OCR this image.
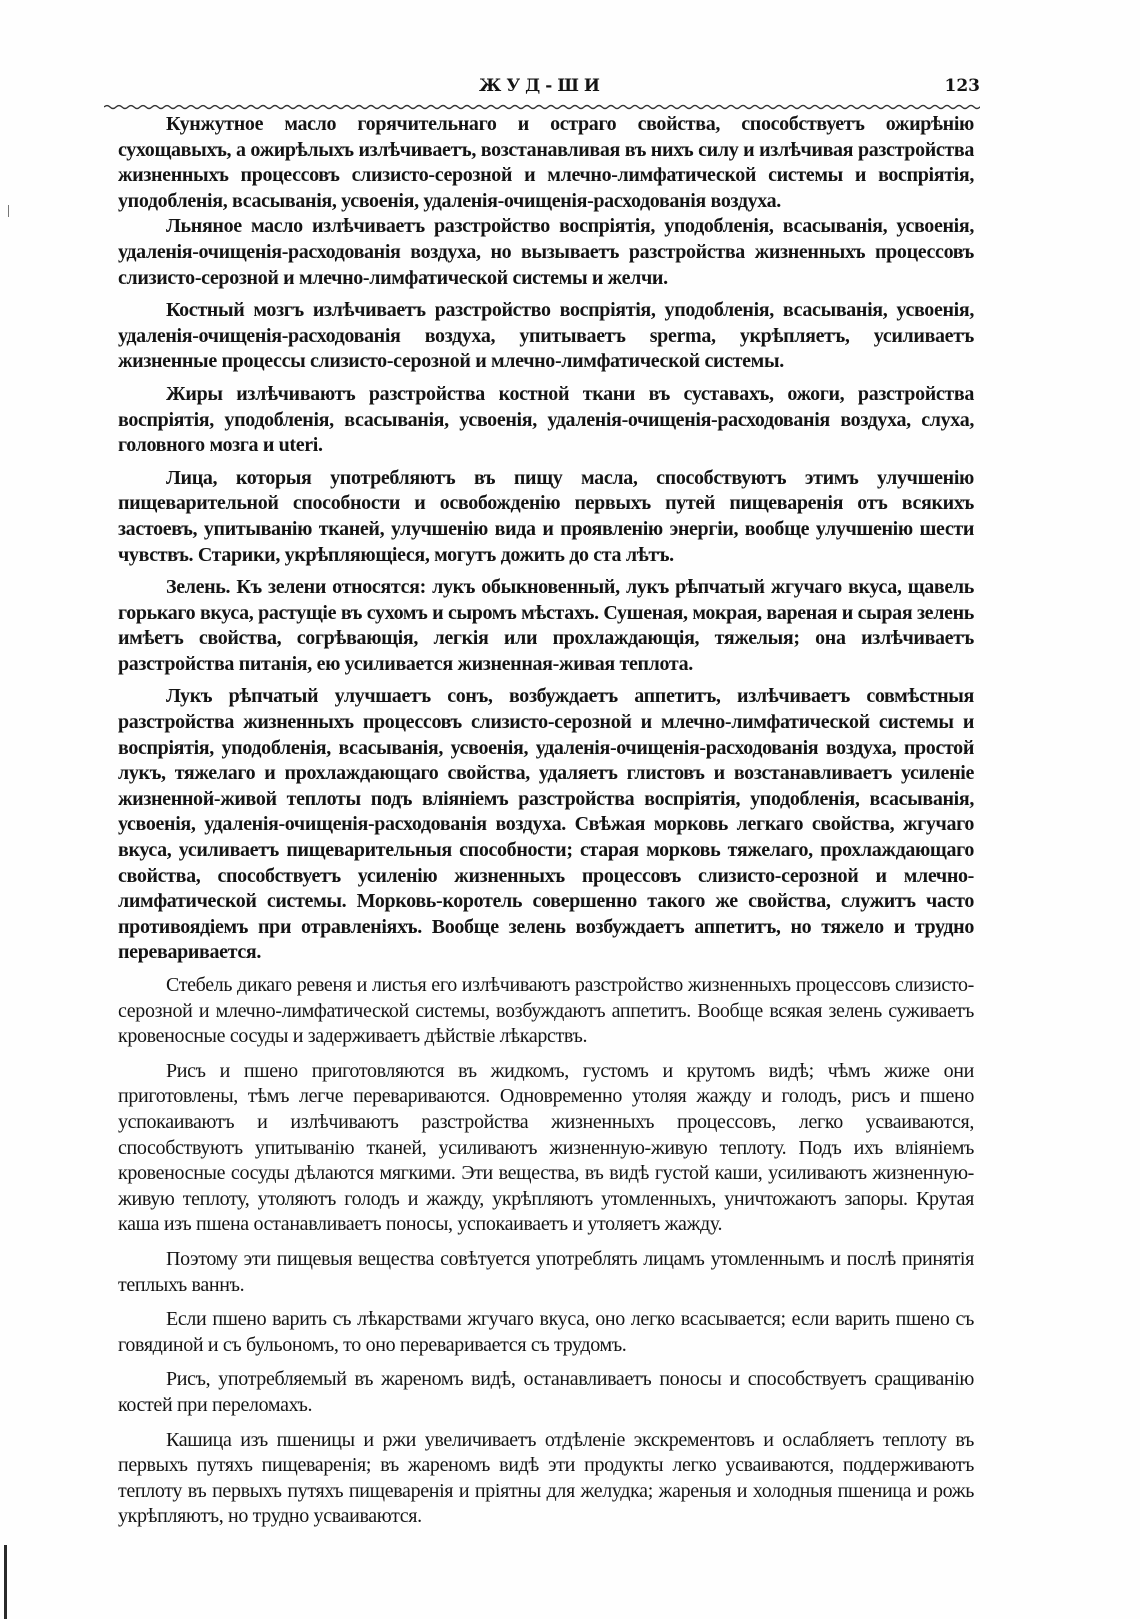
ЖУД-ШИ	123

Кунжутное масло горячительнаго и остраго свойства, способствуетъ ожирѣнію сухощавыхъ, а ожирѣлыхъ излѣчиваетъ, возстанавливая въ нихъ силу и излѣчивая разстройства жизненныхъ процессовъ слизисто-серозной и млечно-лимфатической системы и воспріятія, уподобленія, всасыванія, усвоенія, удаленія-очищенія-расходованія воздуха.

Льняное масло излѣчиваетъ разстройство воспріятія, уподобленія, всасыванія, усвоенія, удаленія-очищенія-расходованія воздуха, но вызываетъ разстройства жизненныхъ процессовъ слизисто-серозной и млечно-лимфатической системы и желчи.

Костный мозгъ излѣчиваетъ разстройство воспріятія, уподобленія, всасыванія, усвоенія, удаленія-очищенія-расходованія воздуха, упитываетъ sperma, укрѣпляетъ, усиливаетъ жизненные процессы слизисто-серозной и млечно-лимфатической системы.

Жиры излѣчиваютъ разстройства костной ткани въ суставахъ, ожоги, разстройства воспріятія, уподобленія, всасыванія, усвоенія, удаленія-очищенія-расходованія воздуха, слуха, головного мозга и uteri.

Лица, которыя употребляютъ въ пищу масла, способствуютъ этимъ улучшенію пищеварительной способности и освобожденію первыхъ путей пищеваренія отъ всякихъ застоевъ, упитыванію тканей, улучшенію вида и проявленію энергіи, вообще улучшенію шести чувствъ. Старики, укрѣпляющіеся, могутъ дожить до ста лѣтъ.

Зелень. Къ зелени относятся: лукъ обыкновенный, лукъ рѣпчатый жгучаго вкуса, щавель горькаго вкуса, растущіе въ сухомъ и сыромъ мѣстахъ. Сушеная, мокрая, вареная и сырая зелень имѣетъ свойства, согрѣвающія, легкія или прохлаждающія, тяжелыя; она излѣчиваетъ разстройства питанія, ею усиливается жизненная-живая теплота.

Лукъ рѣпчатый улучшаетъ сонъ, возбуждаетъ аппетитъ, излѣчиваетъ совмѣстныя разстройства жизненныхъ процессовъ слизисто-серозной и млечно-лимфатической системы и воспріятія, уподобленія, всасыванія, усвоенія, удаленія-очищенія-расходованія воздуха, простой лукъ, тяжелаго и прохлаждающаго свойства, удаляетъ глистовъ и возстанавливаетъ усиленіе жизненной-живой теплоты подъ вліяніемъ разстройства воспріятія, уподобленія, всасыванія, усвоенія, удаленія-очищенія-расходованія воздуха. Свѣжая морковь легкаго свойства, жгучаго вкуса, усиливаетъ пищеварительныя способности; старая морковь тяжелаго, прохлаждающаго свойства, способствуетъ усиленію жизненныхъ процессовъ слизисто-серозной и млечно-лимфатической системы. Морковь-коротель совершенно такого же свойства, служитъ часто противоядіемъ при отравленіяхъ. Вообще зелень возбуждаетъ аппетитъ, но тяжело и трудно переваривается.

Стебель дикаго ревеня и листья его излѣчиваютъ разстройство жизненныхъ процессовъ слизисто-серозной и млечно-лимфатической системы, возбуждаютъ аппетитъ. Вообще всякая зелень суживаетъ кровеносные сосуды и задерживаетъ дѣйствіе лѣкарствъ.

Рисъ и пшено приготовляются въ жидкомъ, густомъ и крутомъ видѣ; чѣмъ жиже они приготовлены, тѣмъ легче перевариваются. Одновременно утоляя жажду и голодъ, рисъ и пшено успокаиваютъ и излѣчиваютъ разстройства жизненныхъ процессовъ, легко усваиваются, способствуютъ упитыванію тканей, усиливаютъ жизненную-живую теплоту. Подъ ихъ вліяніемъ кровеносные сосуды дѣлаются мягкими. Эти вещества, въ видѣ густой каши, усиливаютъ жизненную-живую теплоту, утоляютъ голодъ и жажду, укрѣпляютъ утомленныхъ, уничтожаютъ запоры. Крутая каша изъ пшена останавливаетъ поносы, успокаиваетъ и утоляетъ жажду.

Поэтому эти пищевыя вещества совѣтуется употреблять лицамъ утомленнымъ и послѣ принятія теплыхъ ваннъ.

Если пшено варить съ лѣкарствами жгучаго вкуса, оно легко всасывается; если варить пшено съ говядиной и съ бульономъ, то оно переваривается съ трудомъ.

Рисъ, употребляемый въ жареномъ видѣ, останавливаетъ поносы и способствуетъ сращиванію костей при переломахъ.

Кашица изъ пшеницы и ржи увеличиваетъ отдѣленіе экскрементовъ и ослабляетъ теплоту въ первыхъ путяхъ пищеваренія; въ жареномъ видѣ эти продукты легко усваиваются, поддерживаютъ теплоту въ первыхъ путяхъ пищеваренія и пріятны для желудка; жареныя и холодныя пшеница и рожь укрѣпляютъ, но трудно усваиваются.
